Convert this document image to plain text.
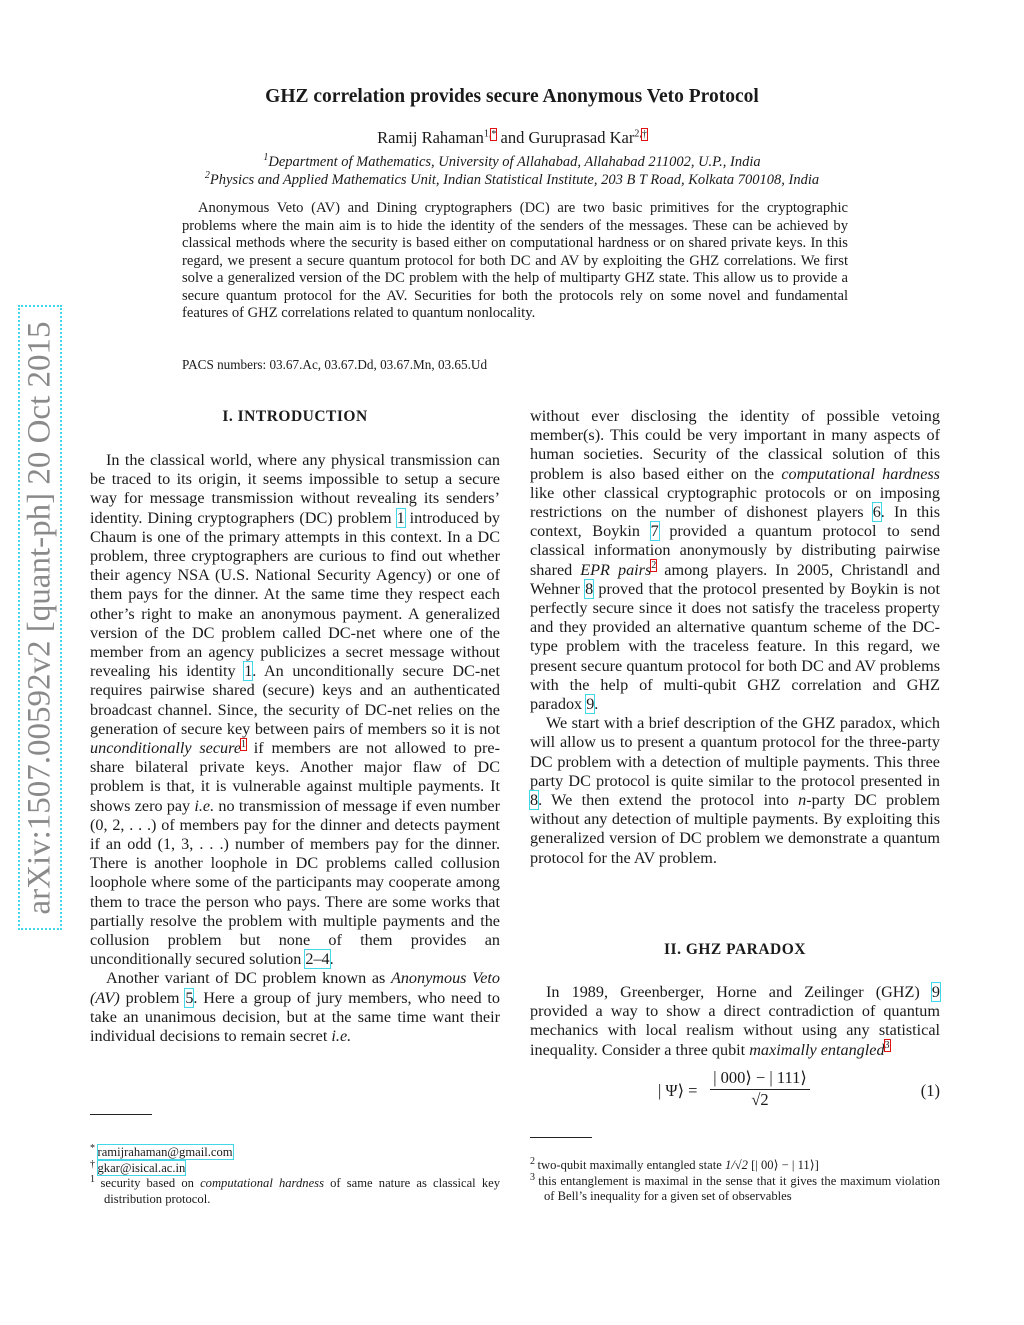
arXiv:1507.00592v2 [quant-ph] 20 Oct 2015
GHZ correlation provides secure Anonymous Veto Protocol
Ramij Rahaman$^{1,*}$ and Guruprasad Kar$^{2,\dagger}$
$^1$Department of Mathematics, University of Allahabad, Allahabad 211002, U.P., India
$^2$Physics and Applied Mathematics Unit, Indian Statistical Institute, 203 B T Road, Kolkata 700108, India

Anonymous Veto (AV) and Dining cryptographers (DC) are two basic primitives for the cryptographic problems where the main aim is to hide the identity of the senders of the messages. These can be achieved by classical methods where the security is based either on computational hardness or on shared private keys. In this regard, we present a secure quantum protocol for both DC and AV by exploiting the GHZ correlations. We first solve a generalized version of the DC problem with the help of multiparty GHZ state. This allow us to provide a secure quantum protocol for the AV. Securities for both the protocols rely on some novel and fundamental features of GHZ correlations related to quantum nonlocality.

PACS numbers: 03.67.Ac, 03.67.Dd, 03.67.Mn, 03.65.Ud
I. INTRODUCTION

In the classical world, where any physical transmission can be traced to its origin, it seems impossible to setup a secure way for message transmission without revealing its senders’ identity. Dining cryptographers (DC) problem 1 introduced by Chaum is one of the primary attempts in this context. In a DC problem, three cryptographers are curious to find out whether their agency NSA (U.S. National Security Agency) or one of them pays for the dinner. At the same time they respect each other’s right to make an anonymous payment. A generalized version of the DC problem called DC-net where one of the member from an agency publicizes a secret message without revealing his identity 1. An unconditionally secure DC-net requires pairwise shared (secure) keys and an authenticated broadcast channel. Since, the security of DC-net relies on the generation of secure key between pairs of members so it is not unconditionally secure$^1$ if members are not allowed to pre-share bilateral private keys. Another major flaw of DC problem is that, it is vulnerable against multiple payments. It shows zero pay i.e. no transmission of message if even number (0, 2, . . .) of members pay for the dinner and detects payment if an odd (1, 3, . . .) number of members pay for the dinner. There is another loophole in DC problems called collusion loophole where some of the participants may cooperate among them to trace the person who pays. There are some works that partially resolve the problem with multiple payments and the collusion problem but none of them provides an unconditionally secured solution 2–4.

Another variant of DC problem known as Anonymous Veto (AV) problem 5. Here a group of jury members, who need to take an unanimous decision, but at the same time want their individual decisions to remain secret i.e.

* ramijrahaman@gmail.com
† gkar@isical.ac.in
$^1$ security based on computational hardness of same nature as classical key distribution protocol.

without ever disclosing the identity of possible vetoing member(s). This could be very important in many aspects of human societies. Security of the classical solution of this problem is also based either on the computational hardness like other classical cryptographic protocols or on imposing restrictions on the number of dishonest players 6. In this context, Boykin 7 provided a quantum protocol to send classical information anonymously by distributing pairwise shared EPR pairs$^2$ among players. In 2005, Christandl and Wehner 8 proved that the protocol presented by Boykin is not perfectly secure since it does not satisfy the traceless property and they provided an alternative quantum scheme of the DC-type problem with the traceless feature. In this regard, we present secure quantum protocol for both DC and AV problems with the help of multi-qubit GHZ correlation and GHZ paradox 9.

We start with a brief description of the GHZ paradox, which will allow us to present a quantum protocol for the three-party DC problem with a detection of multiple payments. This three party DC protocol is quite similar to the protocol presented in 8. We then extend the protocol into n-party DC problem without any detection of multiple payments. By exploiting this generalized version of DC problem we demonstrate a quantum protocol for the AV problem.

II. GHZ PARADOX

In 1989, Greenberger, Horne and Zeilinger (GHZ) 9 provided a way to show a direct contradiction of quantum mechanics with local realism without using any statistical inequality. Consider a three qubit maximally entangled$^3$

| Ψ⟩ = $\frac{| 000⟩ - | 111⟩}{√2}$	(1)
$^2$ two-qubit maximally entangled state 1/√2 [| 00⟩ − | 11⟩]
$^3$ this entanglement is maximal in the sense that it gives the maximum violation of Bell’s inequality for a given set of observables
